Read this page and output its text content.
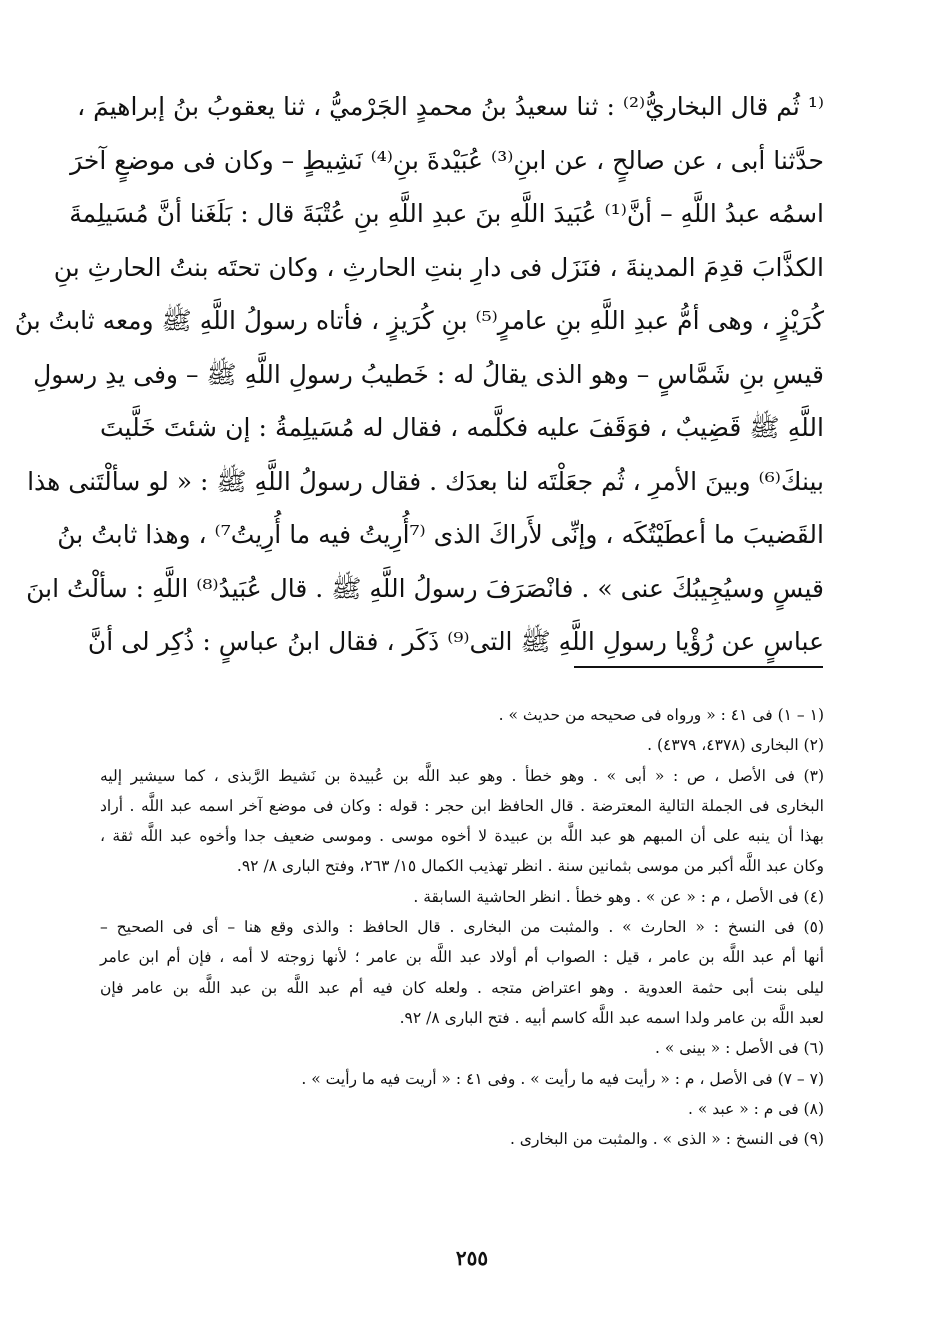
⁽¹ ثُم قال البخاريُّ⁽²⁾ : ثنا سعيدُ بنُ محمدٍ الجَرْميُّ ، ثنا يعقوبُ بنُ إبراهيمَ ،
حدَّثنا أبى ، عن صالحٍ ، عن ابنِ⁽³⁾ عُبَيْدةَ بنِ⁽⁴⁾ نَشِيطٍ – وكان فى موضعٍ آخرَ
اسمُه عبدُ اللَّهِ – أنَّ⁽¹⁾ عُبَيدَ اللَّهِ بنَ عبدِ اللَّهِ بنِ عُتْبَةَ قال : بَلَغَنا أنَّ مُسَيلِمةَ
الكذَّابَ قدِمَ المدينةَ ، فنَزَل فى دارِ بنتِ الحارثِ ، وكان تحتَه بنتُ الحارثِ بنِ
كُرَيْزٍ ، وهى أمُّ عبدِ اللَّهِ بنِ عامرٍ⁽⁵⁾ بنِ كُرَيزٍ ، فأتاه رسولُ اللَّهِ ﷺ ومعه ثابتُ بنُ
قيسِ بنِ شَمَّاسٍ – وهو الذى يقالُ له : خَطيبُ رسولِ اللَّهِ ﷺ – وفى يدِ رسولِ
اللَّهِ ﷺ قَضِيبٌ ، فوَقَفَ عليه فكلَّمه ، فقال له مُسَيلِمةُ : إن شئتَ خَلَّيتَ
بينكَ⁽⁶⁾ وبينَ الأمرِ ، ثُم جعَلْتَه لنا بعدَك . فقال رسولُ اللَّهِ ﷺ : « لو سألْتَنى هذا
القَضيبَ ما أعطَيْتُكَه ، وإنِّى لأَراكَ الذى ⁽⁷أُرِيتُ فيه ما أُرِيتُ⁷⁾ ، وهذا ثابتُ بنُ
قيسٍ وسيُجِيبُكَ عنى » . فانْصَرَفَ رسولُ اللَّهِ ﷺ . قال عُبَيدُ⁽⁸⁾ اللَّهِ : سألْتُ ابنَ
عباسٍ عن رُؤْيا رسولِ اللَّهِ ﷺ التى⁽⁹⁾ ذَكَر ، فقال ابنُ عباسٍ : ذُكِر لى أنَّ
(١ – ١) فى ٤١ : « ورواه فى صحيحه من حديث » .
(٢) البخارى (٤٣٧٨، ٤٣٧٩) .
(٣) فى الأصل ، ص : « أبى » . وهو خطأ . وهو عبد اللَّه بن عُبيدة بن نَشيط الرَّبذى ، كما سيشير إليه
البخارى فى الجملة التالية المعترضة . قال الحافظ ابن حجر : قوله : وكان فى موضع آخر اسمه عبد اللَّه . أراد
بهذا أن ينبه على أن المبهم هو عبد اللَّه بن عبيدة لا أخوه موسى . وموسى ضعيف جدا وأخوه عبد اللَّه ثقة ،
وكان عبد اللَّه أكبر من موسى بثمانين سنة . انظر تهذيب الكمال ١٥/ ٢٦٣، وفتح البارى ٨/ ٩٢.
(٤) فى الأصل ، م : « عن » . وهو خطأ . انظر الحاشية السابقة .
(٥) فى النسخ : « الحارث » . والمثبت من البخارى . قال الحافظ : والذى وقع هنا – أى فى الصحيح –
أنها أم عبد اللَّه بن عامر ، قيل : الصواب أم أولاد عبد اللَّه بن عامر ؛ لأنها زوجته لا أمه ، فإن أم ابن عامر
ليلى بنت أبى حثمة العدوية . وهو اعتراض متجه . ولعله كان فيه أم عبد اللَّه بن عبد اللَّه بن عامر فإن
لعبد اللَّه بن عامر ولدا اسمه عبد اللَّه كاسم أبيه . فتح البارى ٨/ ٩٢.
(٦) فى الأصل : « بينى » .
(٧ – ٧) فى الأصل ، م : « رأيت فيه ما رأيت » . وفى ٤١ : « أريت فيه ما رأيت » .
(٨) فى م : « عبد » .
(٩) فى النسخ : « الذى » . والمثبت من البخارى .
٢٥٥
